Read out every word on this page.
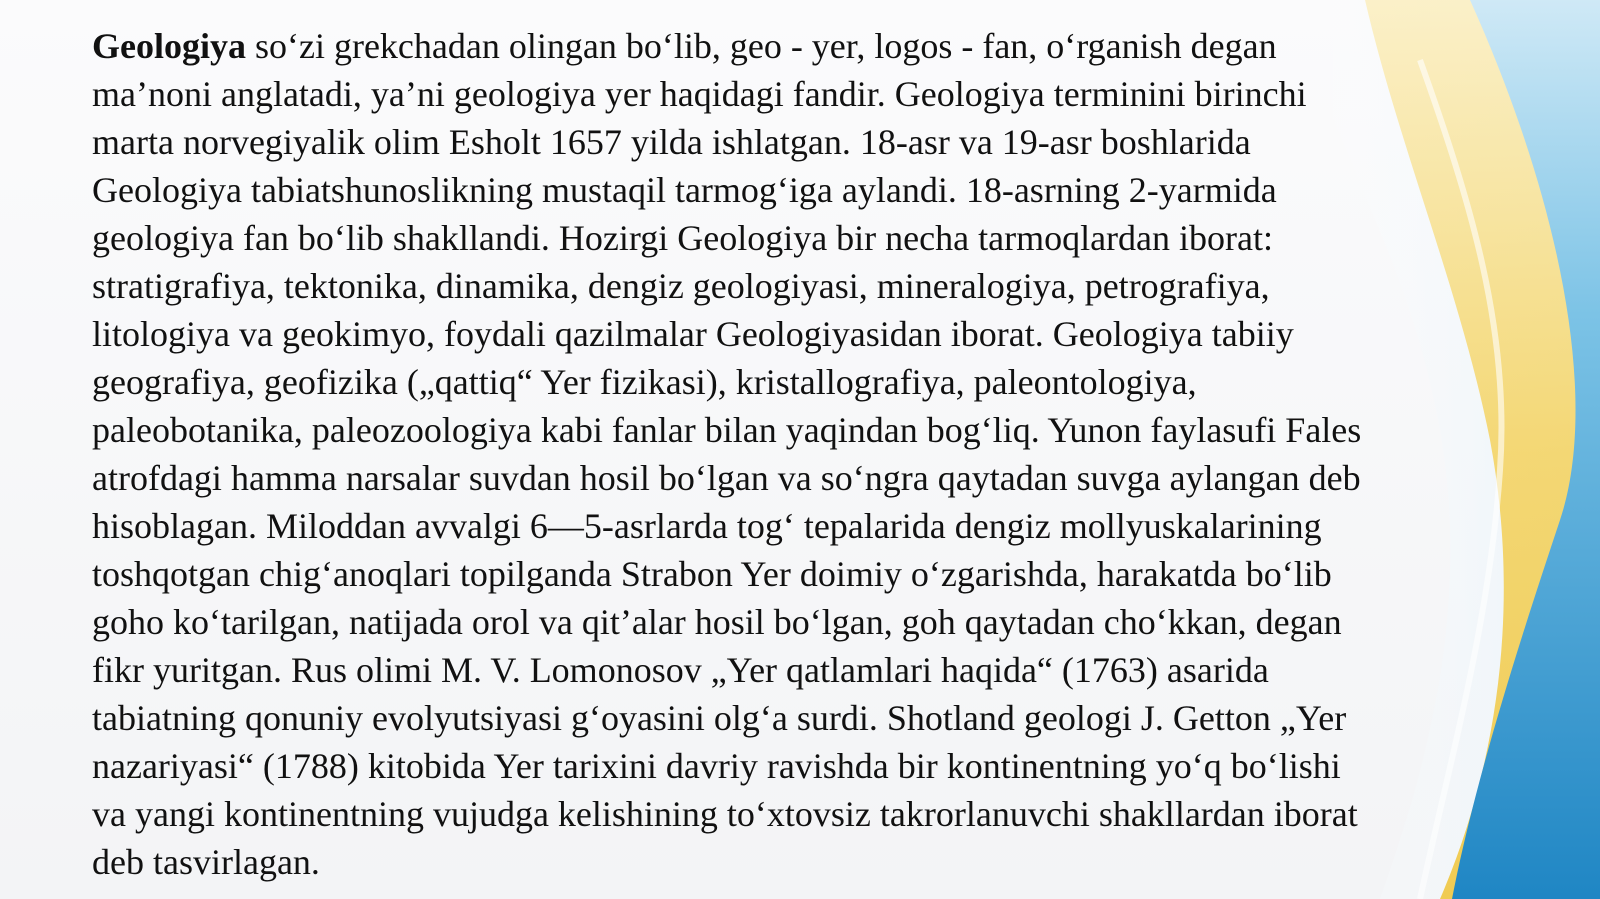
Geologiya so‘zi grekchadan olingan bo‘lib, geo - yer, logos - fan, o‘rganish degan
ma’noni anglatadi, ya’ni geologiya yer haqidagi fandir. Geologiya terminini birinchi
marta norvegiyalik olim Esholt 1657 yilda ishlatgan. 18-asr va 19-asr boshlarida
Geologiya tabiatshunoslikning mustaqil tarmog‘iga aylandi. 18-asrning 2-yarmida
geologiya fan bo‘lib shakllandi. Hozirgi Geologiya bir necha tarmoqlardan iborat:
stratigrafiya, tektonika, dinamika, dengiz geologiyasi, mineralogiya, petrografiya,
litologiya va geokimyo, foydali qazilmalar Geologiyasidan iborat. Geologiya tabiiy
geografiya, geofizika („qattiq“ Yer fizikasi), kristallografiya, paleontologiya,
paleobotanika, paleozoologiya kabi fanlar bilan yaqindan bog‘liq. Yunon faylasufi Fales
atrofdagi hamma narsalar suvdan hosil bo‘lgan va so‘ngra qaytadan suvga aylangan deb
hisoblagan. Miloddan avvalgi 6—5-asrlarda tog‘ tepalarida dengiz mollyuskalarining
toshqotgan chig‘anoqlari topilganda Strabon Yer doimiy o‘zgarishda, harakatda bo‘lib
goho ko‘tarilgan, natijada orol va qit’alar hosil bo‘lgan, goh qaytadan cho‘kkan, degan
fikr yuritgan. Rus olimi M. V. Lomonosov „Yer qatlamlari haqida“ (1763) asarida
tabiatning qonuniy evolyutsiyasi g‘oyasini olg‘a surdi. Shotland geologi J. Getton „Yer
nazariyasi“ (1788) kitobida Yer tarixini davriy ravishda bir kontinentning yo‘q bo‘lishi
va yangi kontinentning vujudga kelishining to‘xtovsiz takrorlanuvchi shakllardan iborat
deb tasvirlagan.
